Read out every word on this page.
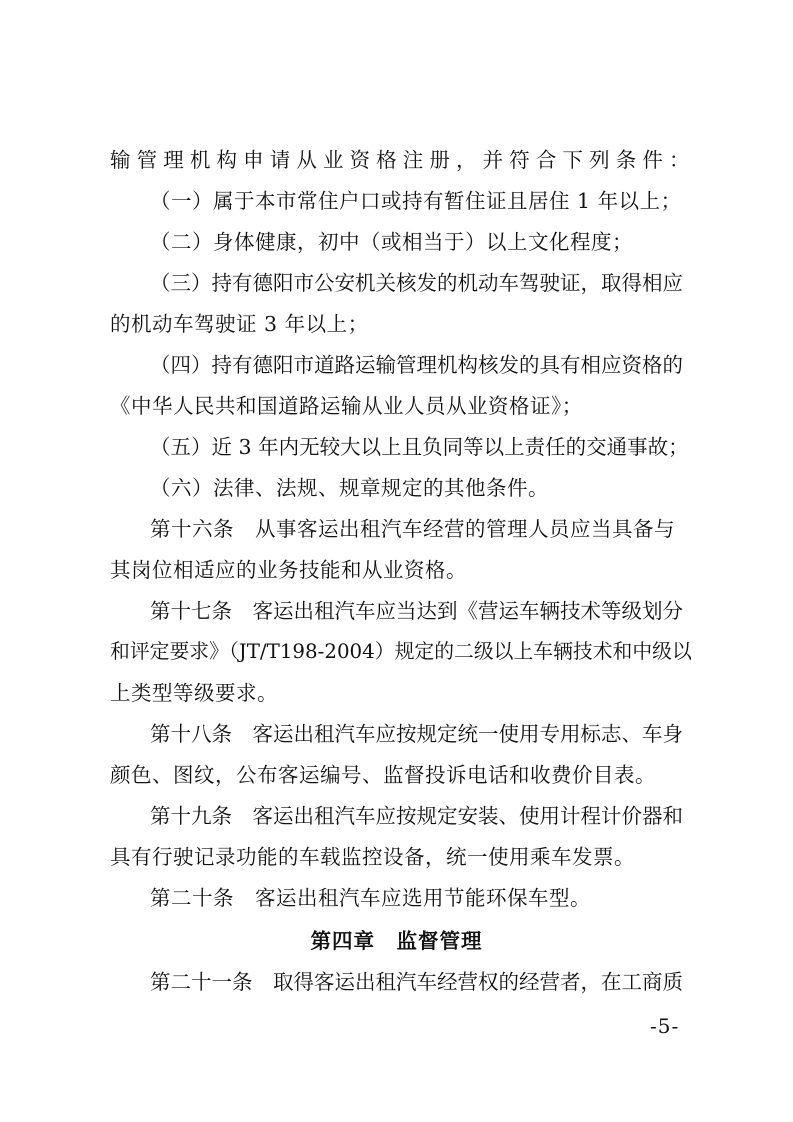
输管理机构申请从业资格注册，并符合下列条件：
（一）属于本市常住户口或持有暂住证且居住 1 年以上；
（二）身体健康，初中（或相当于）以上文化程度；
（三）持有德阳市公安机关核发的机动车驾驶证，取得相应
的机动车驾驶证 3 年以上；
（四）持有德阳市道路运输管理机构核发的具有相应资格的
《中华人民共和国道路运输从业人员从业资格证》；
（五）近 3 年内无较大以上且负同等以上责任的交通事故；
（六）法律、法规、规章规定的其他条件。
第十六条　从事客运出租汽车经营的管理人员应当具备与
其岗位相适应的业务技能和从业资格。
第十七条　客运出租汽车应当达到《营运车辆技术等级划分
和评定要求》（JT/T198-2004）规定的二级以上车辆技术和中级以
上类型等级要求。
第十八条　客运出租汽车应按规定统一使用专用标志、车身
颜色、图纹，公布客运编号、监督投诉电话和收费价目表。
第十九条　客运出租汽车应按规定安装、使用计程计价器和
具有行驶记录功能的车载监控设备，统一使用乘车发票。
第二十条　客运出租汽车应选用节能环保车型。
第四章　监督管理
第二十一条　取得客运出租汽车经营权的经营者，在工商质
-5-
